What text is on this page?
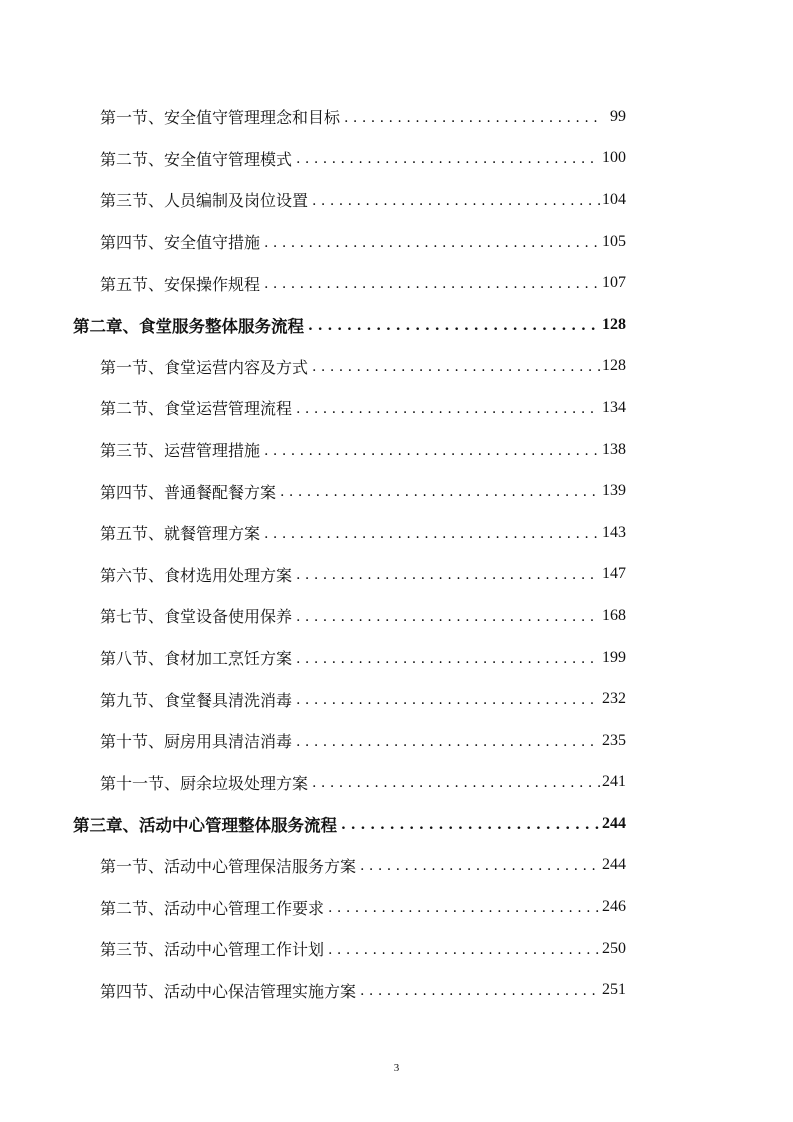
第一节、安全值守管理理念和目标 . . .	99
第二节、安全值守管理模式 . . .	100
第三节、人员编制及岗位设置 . . .	104
第四节、安全值守措施 . . .	105
第五节、安保操作规程 . . .	107
第二章、食堂服务整体服务流程 . . .	128
第一节、食堂运营内容及方式 . . .	128
第二节、食堂运营管理流程 . . .	134
第三节、运营管理措施 . . .	138
第四节、普通餐配餐方案 . . .	139
第五节、就餐管理方案 . . .	143
第六节、食材选用处理方案 . . .	147
第七节、食堂设备使用保养 . . .	168
第八节、食材加工烹饪方案 . . .	199
第九节、食堂餐具清洗消毒 . . .	232
第十节、厨房用具清洁消毒 . . .	235
第十一节、厨余垃圾处理方案 . . .	241
第三章、活动中心管理整体服务流程 . . .	244
第一节、活动中心管理保洁服务方案 . . .	244
第二节、活动中心管理工作要求 . . .	246
第三节、活动中心管理工作计划 . . .	250
第四节、活动中心保洁管理实施方案 . . .	251
3
